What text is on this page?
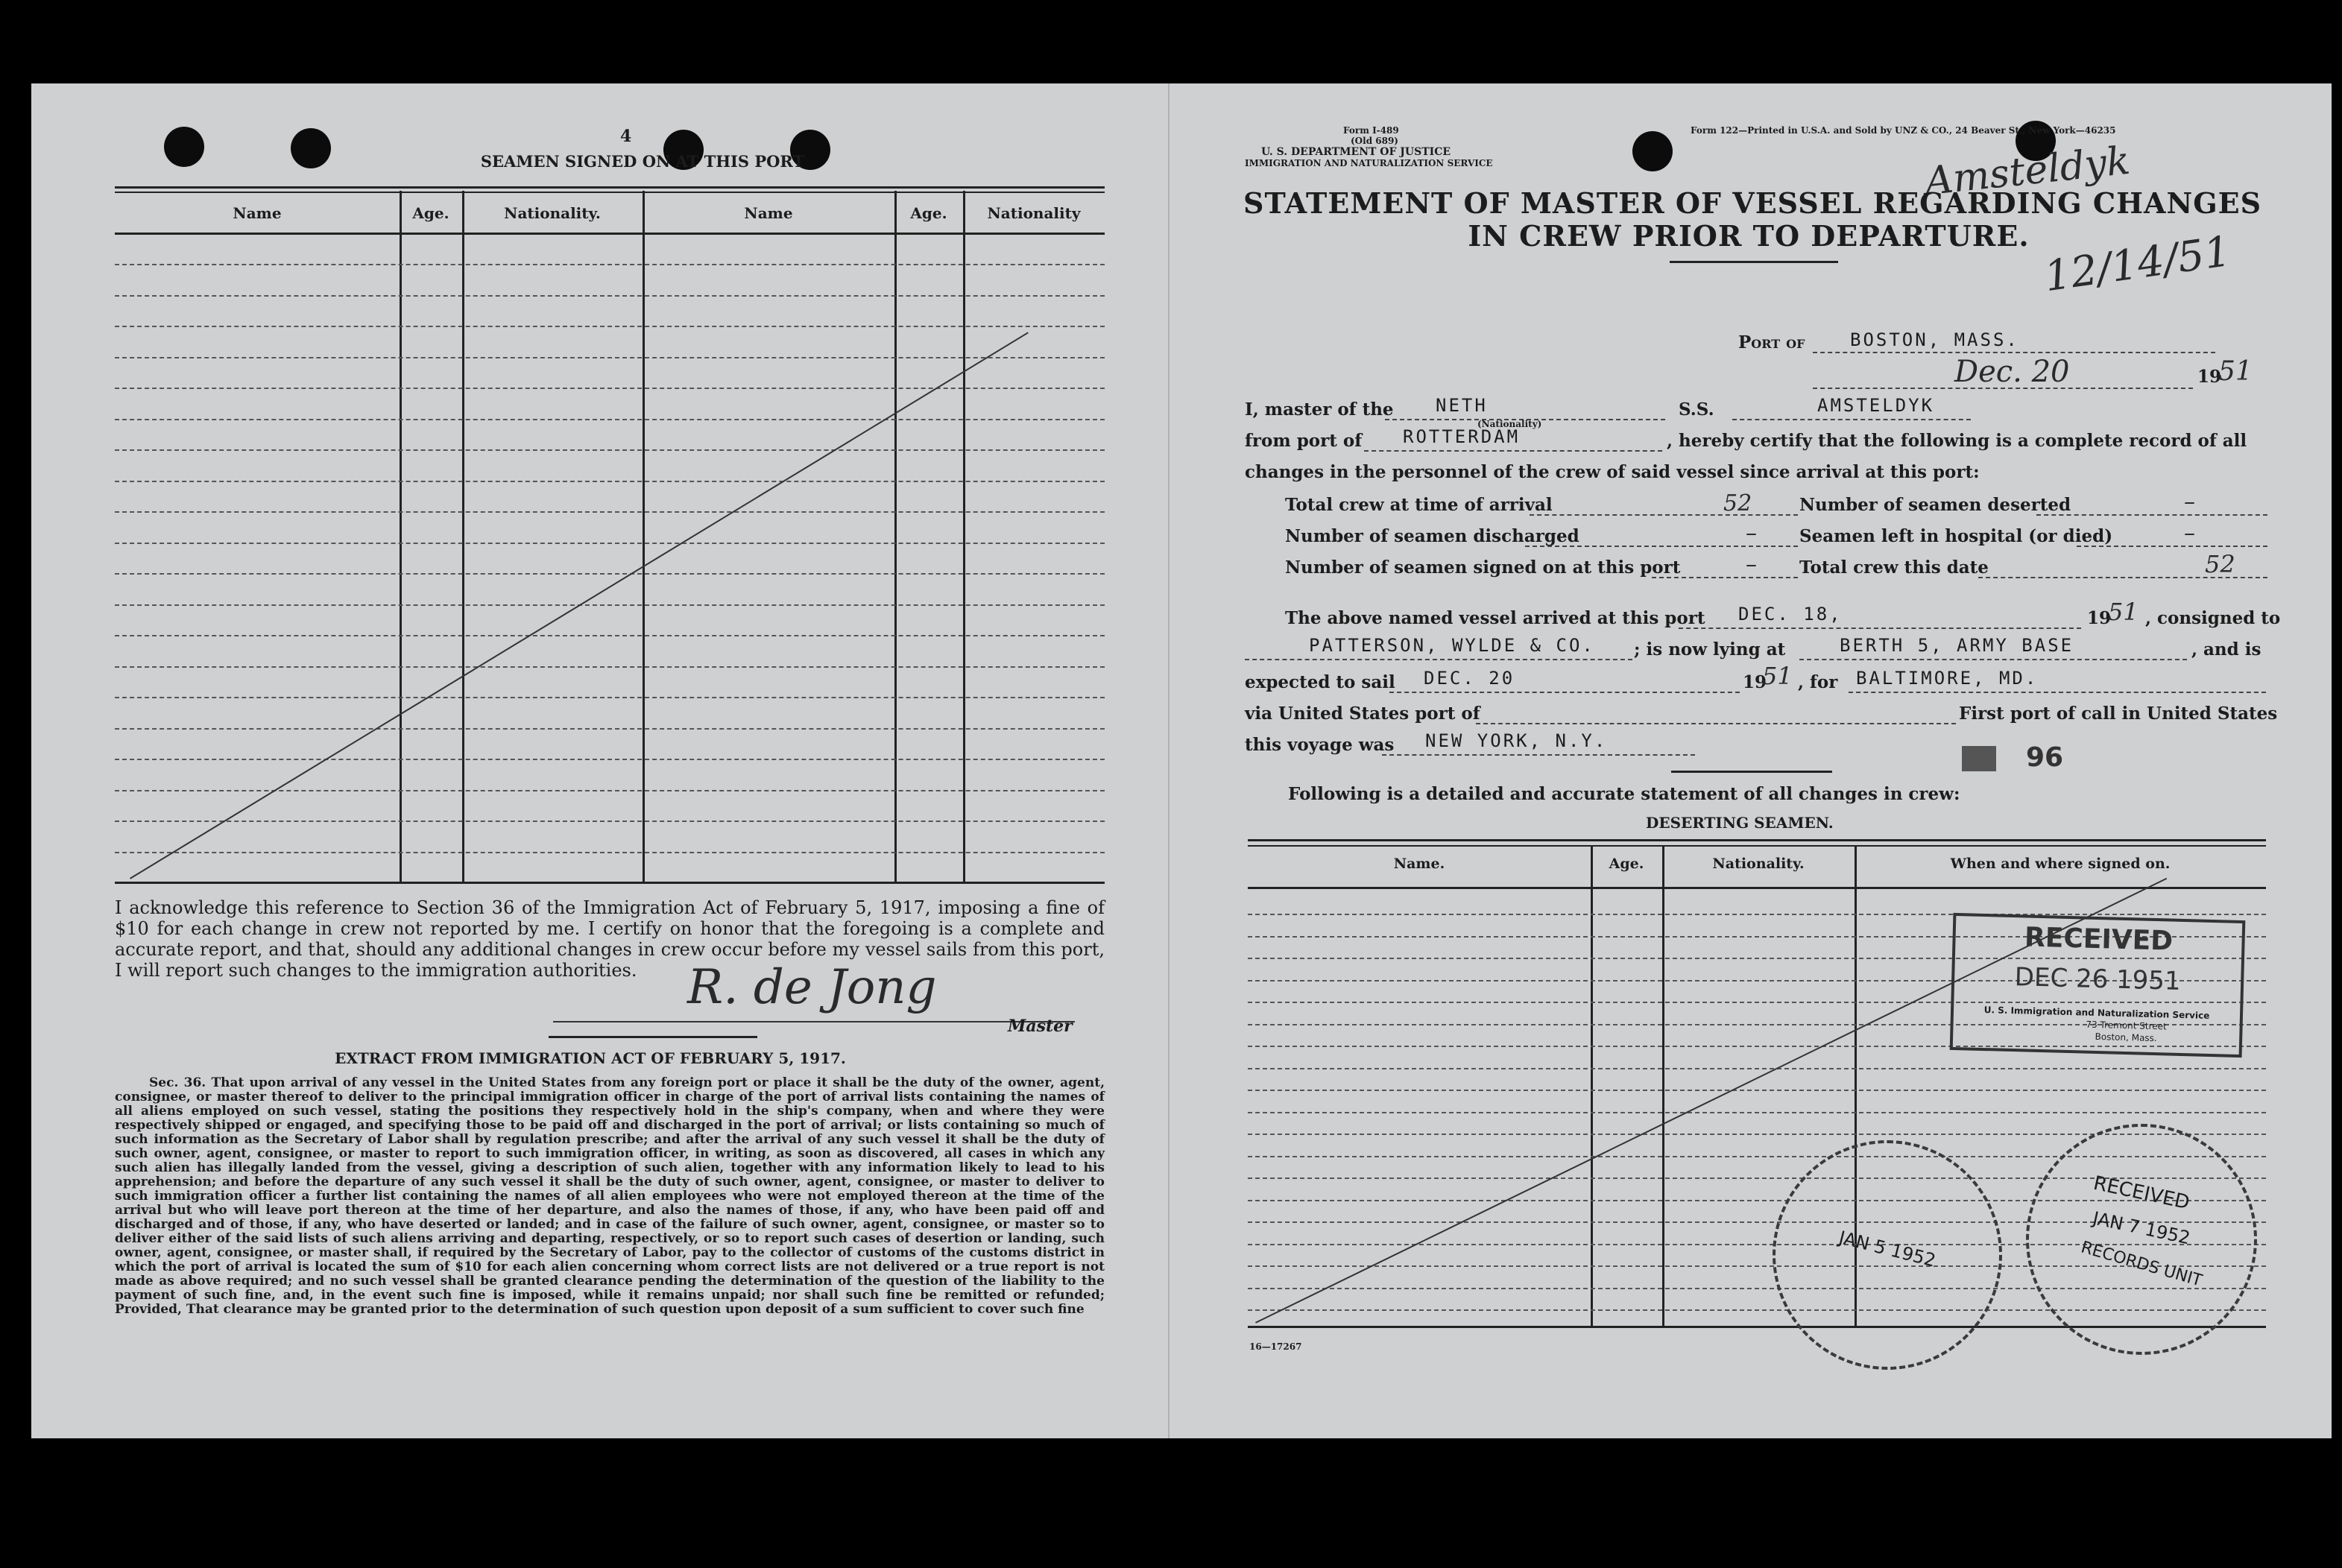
4
SEAMEN SIGNED ON AT THIS PORT
Name	Age.	Nationality.	Name	Age.	Nationality
I acknowledge this reference to Section 36 of the Immigration Act of February 5, 1917, imposing a fine of $10 for each change in crew not reported by me. I certify on honor that the foregoing is a complete and accurate report, and that, should any additional changes in crew occur before my vessel sails from this port, I will report such changes to the immigration authorities.	R. de Jong
Master
EXTRACT FROM IMMIGRATION ACT OF FEBRUARY 5, 1917.
Sec. 36. That upon arrival of any vessel in the United States from any foreign port or place it shall be the duty of the owner, agent, consignee, or master thereof to deliver to the principal immigration officer in charge of the port of arrival lists containing the names of all aliens employed on such vessel, stating the positions they respectively hold in the ship's company, when and where they were respectively shipped or engaged, and specifying those to be paid off and discharged in the port of arrival; or lists containing so much of such information as the Secretary of Labor shall by regulation prescribe; and after the arrival of any such vessel it shall be the duty of such owner, agent, consignee, or master to report to such immigration officer, in writing, as soon as discovered, all cases in which any such alien has illegally landed from the vessel, giving a description of such alien, together with any information likely to lead to his apprehension; and before the departure of any such vessel it shall be the duty of such owner, agent, consignee, or master to deliver to such immigration officer a further list containing the names of all alien employees who were not employed thereon at the time of the arrival but who will leave port thereon at the time of her departure, and also the names of those, if any, who have been paid off and discharged and of those, if any, who have deserted or landed; and in case of the failure of such owner, agent, consignee, or master so to deliver either of the said lists of such aliens arriving and departing, respectively, or so to report such cases of desertion or landing, such owner, agent, consignee, or master shall, if required by the Secretary of Labor, pay to the collector of customs of the customs district in which the port of arrival is located the sum of $10 for each alien concerning whom correct lists are not delivered or a true report is not made as above required; and no such vessel shall be granted clearance pending the determination of the question of the liability to the payment of such fine, and, in the event such fine is imposed, while it remains unpaid; nor shall such fine be remitted or refunded; Provided, That clearance may be granted prior to the determination of such question upon deposit of a sum sufficient to cover such fine
Form I-489
(Old 689)
U. S. DEPARTMENT OF JUSTICE
IMMIGRATION AND NATURALIZATION SERVICE
Form 122—Printed in U.S.A. and Sold by UNZ & CO., 24 Beaver St., New York—46235
Amsteldyk
12/14/51
STATEMENT OF MASTER OF VESSEL REGARDING CHANGES
IN CREW PRIOR TO DEPARTURE.
Port of	BOSTON, MASS.
Dec. 20	19
51
I, master of the NETH
(Nationality)
S.S.	AMSTELDYK
from port of ROTTERDAM	, hereby certify that the following is a complete record of all
changes in the personnel of the crew of said vessel since arrival at this port:
Total crew at time of arrival	52	Number of seamen deserted	–
Number of seamen discharged	– Seamen left in hospital (or died)	–
Number of seamen signed on at this port	– Total crew this date	52
The above named vessel arrived at this port DEC. 18,	19
51 , consigned to
PATTERSON, WYLDE & CO. ; is now lying at	BERTH 5, ARMY BASE	, and is
expected to sail DEC. 20	19
51 , for BALTIMORE, MD.
via United States port of	First port of call in United States
this voyage was NEW YORK, N.Y.
96
Following is a detailed and accurate statement of all changes in crew:
DESERTING SEAMEN.
Name.	Age.	Nationality.	When and where signed on.
RECEIVED
DEC 26 1951
U. S. Immigration and Naturalization Service
73 Tremont Street
Boston, Mass.
JAN 5 1952
RECEIVED
JAN 7 1952
RECORDS UNIT
16—17267
